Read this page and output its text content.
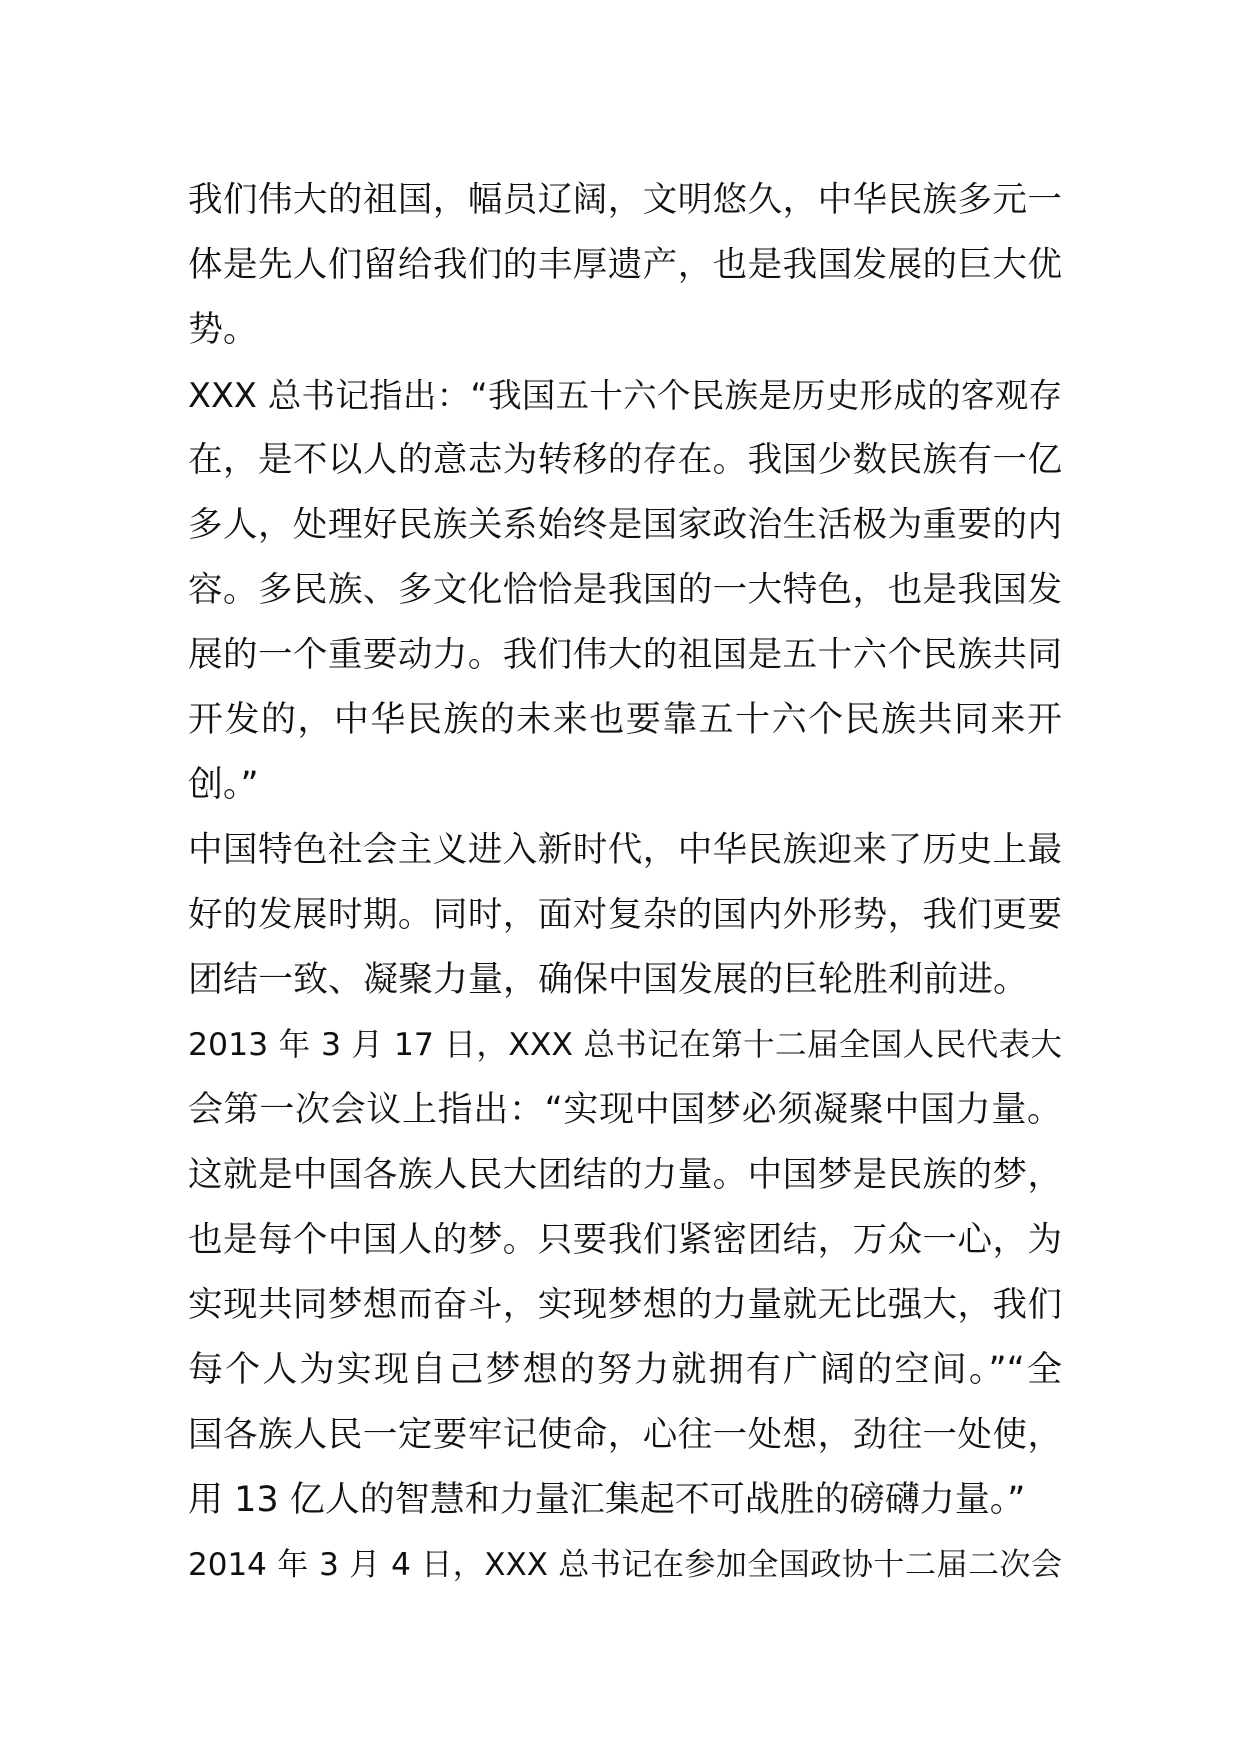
我们伟大的祖国，幅员辽阔，文明悠久，中华民族多元一
体是先人们留给我们的丰厚遗产，也是我国发展的巨大优
势。
XXX 总书记指出：“我国五十六个民族是历史形成的客观存
在，是不以人的意志为转移的存在。我国少数民族有一亿
多人，处理好民族关系始终是国家政治生活极为重要的内
容。多民族、多文化恰恰是我国的一大特色，也是我国发
展的一个重要动力。我们伟大的祖国是五十六个民族共同
开发的，中华民族的未来也要靠五十六个民族共同来开
创。”
中国特色社会主义进入新时代，中华民族迎来了历史上最
好的发展时期。同时，面对复杂的国内外形势，我们更要
团结一致、凝聚力量，确保中国发展的巨轮胜利前进。
2013 年 3 月 17 日，XXX 总书记在第十二届全国人民代表大
会第一次会议上指出：“实现中国梦必须凝聚中国力量。
这就是中国各族人民大团结的力量。中国梦是民族的梦，
也是每个中国人的梦。只要我们紧密团结，万众一心，为
实现共同梦想而奋斗，实现梦想的力量就无比强大，我们
每个人为实现自己梦想的努力就拥有广阔的空间。”“全
国各族人民一定要牢记使命，心往一处想，劲往一处使，
用 13 亿人的智慧和力量汇集起不可战胜的磅礴力量。”
2014 年 3 月 4 日，XXX 总书记在参加全国政协十二届二次会
